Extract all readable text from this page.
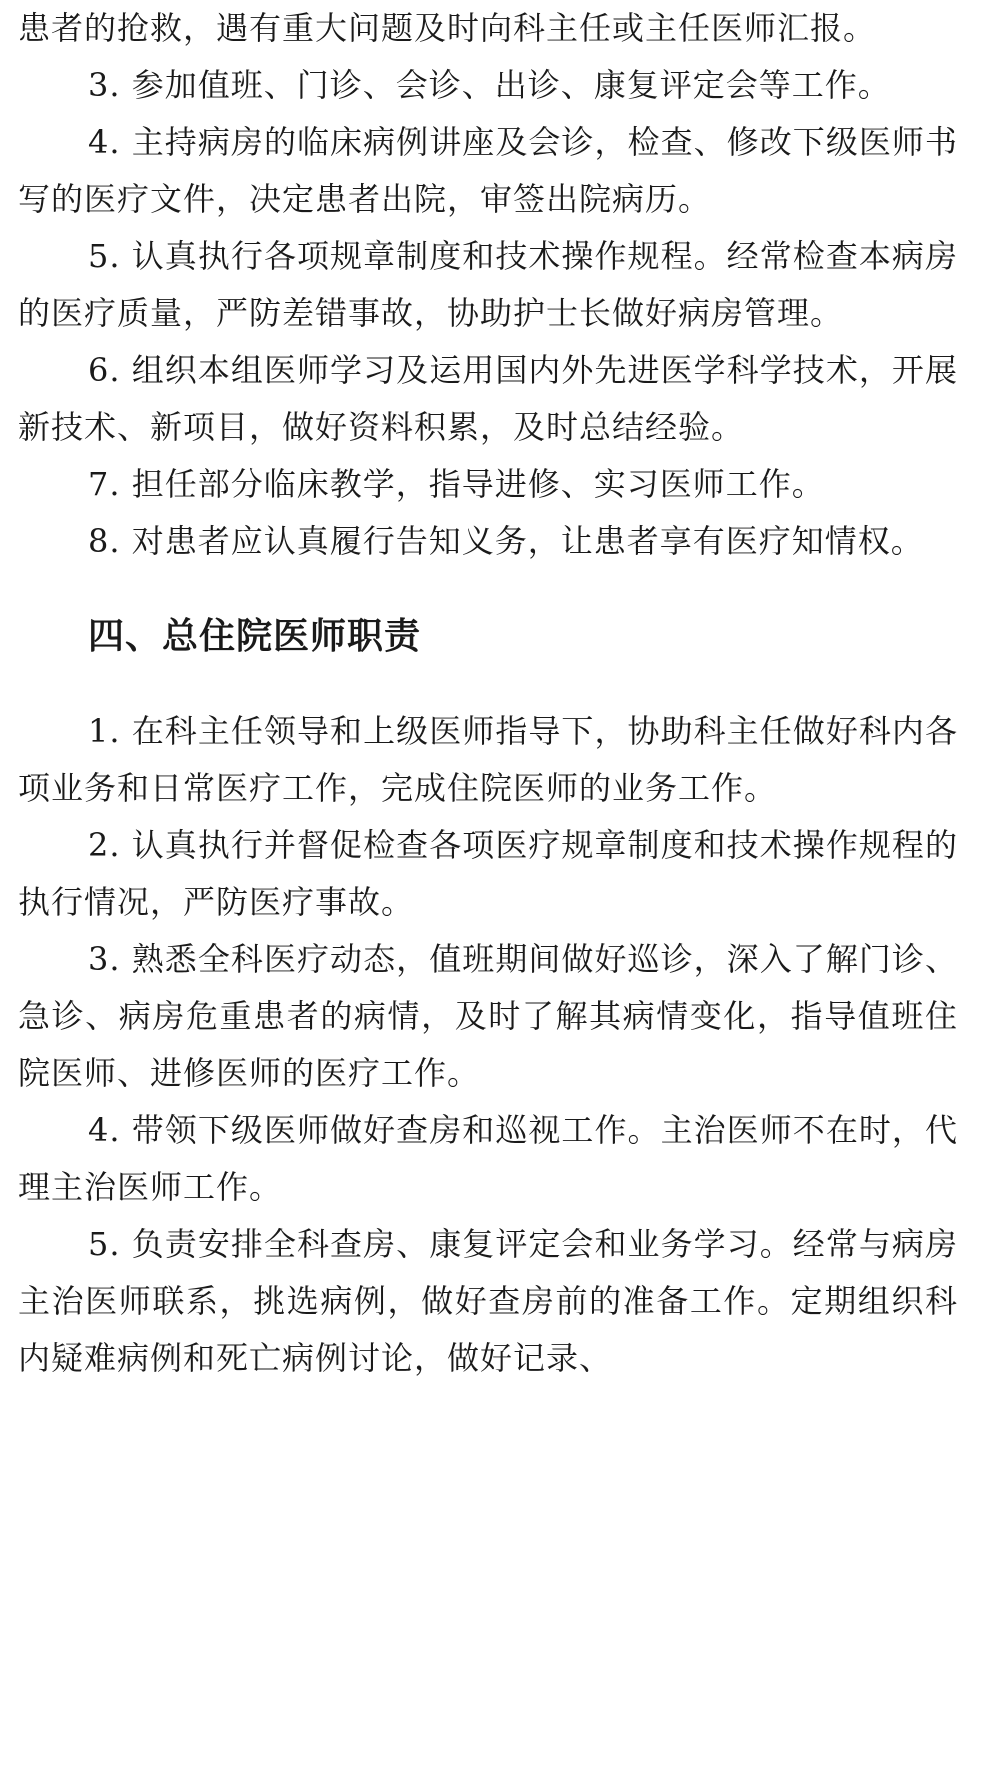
患者的抢救，遇有重大问题及时向科主任或主任医师汇报。

3. 参加值班、门诊、会诊、出诊、康复评定会等工作。

4. 主持病房的临床病例讲座及会诊，检查、修改下级医师书写的医疗文件，决定患者出院，审签出院病历。

5. 认真执行各项规章制度和技术操作规程。经常检查本病房的医疗质量，严防差错事故，协助护士长做好病房管理。

6. 组织本组医师学习及运用国内外先进医学科学技术，开展新技术、新项目，做好资料积累，及时总结经验。

7. 担任部分临床教学，指导进修、实习医师工作。

8. 对患者应认真履行告知义务，让患者享有医疗知情权。

四、总住院医师职责

1. 在科主任领导和上级医师指导下，协助科主任做好科内各项业务和日常医疗工作，完成住院医师的业务工作。

2. 认真执行并督促检查各项医疗规章制度和技术操作规程的执行情况，严防医疗事故。

3. 熟悉全科医疗动态，值班期间做好巡诊，深入了解门诊、急诊、病房危重患者的病情，及时了解其病情变化，指导值班住院医师、进修医师的医疗工作。

4. 带领下级医师做好查房和巡视工作。主治医师不在时，代理主治医师工作。

5. 负责安排全科查房、康复评定会和业务学习。经常与病房主治医师联系，挑选病例，做好查房前的准备工作。定期组织科内疑难病例和死亡病例讨论，做好记录、
